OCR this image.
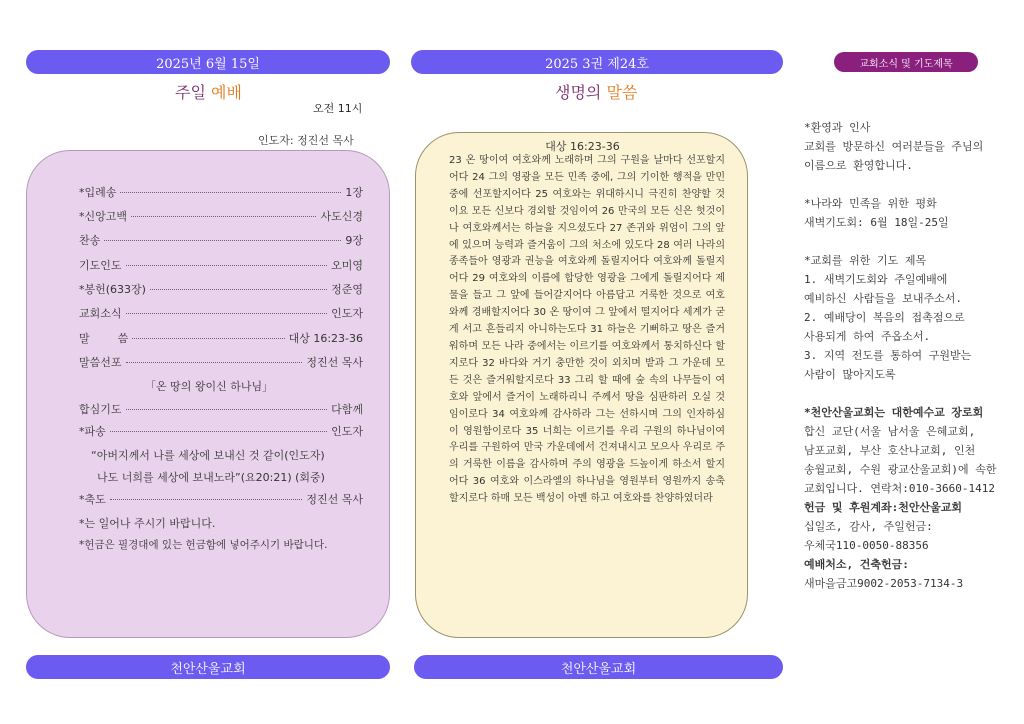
2025년 6월 15일	2025 3권 제24호
주일 예배
오전 11시
인도자: 정진선 목사
*입례송	1장
*신앙고백	사도신경
찬송	9장
기도인도	오미영
*봉헌(633장)	정준영
교회소식	인도자
말        씀	대상 16:23-36
말씀선포	정진선 목사
「온 땅의 왕이신 하나님」
합심기도	다함께
*파송	인도자
“아버지께서 나를 세상에 보내신 것 같이(인도자)
나도 너희를 세상에 보내노라”(요20:21) (회중)
*축도	정진선 목사
*는 일어나 주시기 바랍니다.
*헌금은 필경대에 있는 헌금함에 넣어주시기 바랍니다.
천안산울교회
생명의 말씀
대상 16:23-36
23 온 땅이여 여호와께 노래하며 그의 구원을 날마다 선포할지어다 24 그의 영광을 모든 민족 중에, 그의 기이한 행적을 만민 중에 선포할지어다 25 여호와는 위대하시니 극진히 찬양할 것이요 모든 신보다 경외할 것임이여 26 만국의 모든 신은 헛것이나 여호와께서는 하늘을 지으셨도다 27 존귀와 위엄이 그의 앞에 있으며 능력과 즐거움이 그의 처소에 있도다 28 여러 나라의 종족들아 영광과 권능을 여호와께 돌릴지어다 여호와께 돌릴지어다 29 여호와의 이름에 합당한 영광을 그에게 돌릴지어다 제물을 들고 그 앞에 들어갈지어다 아름답고 거룩한 것으로 여호와께 경배할지어다 30 온 땅이여 그 앞에서 떨지어다 세계가 굳게 서고 흔들리지 아니하는도다 31 하늘은 기뻐하고 땅은 즐거워하며 모든 나라 중에서는 이르기를 여호와께서 통치하신다 할지로다 32 바다와 거기 충만한 것이 외치며 밭과 그 가운데 모든 것은 즐거워할지로다 33 그리 할 때에 숲 속의 나무들이 여호와 앞에서 즐거이 노래하리니 주께서 땅을 심판하러 오실 것임이로다 34 여호와께 감사하라 그는 선하시며 그의 인자하심이 영원함이로다 35 너희는 이르기를 우리 구원의 하나님이여 우리를 구원하여 만국 가운데에서 건져내시고 모으사 우리로 주의 거룩한 이름을 감사하며 주의 영광을 드높이게 하소서 할지어다 36 여호와 이스라엘의 하나님을 영원부터 영원까지 송축할지로다 하매 모든 백성이 아멘 하고 여호와를 찬양하였더라
천안산울교회
교회소식 및 기도제목
*환영과 인사
교회를 방문하신 여러분들을 주님의
이름으로 환영합니다.
*나라와 민족을 위한 평화
새벽기도회: 6월 18일-25일
*교회를 위한 기도 제목
1. 새벽기도회와 주일예배에
예비하신 사람들을 보내주소서.
2. 예배당이 복음의 접촉점으로
사용되게 하여 주옵소서.
3. 지역 전도를 통하여 구원받는
사람이 많아지도록
*천안산울교회는 대한예수교 장로회
합신 교단(서울 남서울 은혜교회,
남포교회, 부산 호산나교회, 인천
송월교회, 수원 광교산울교회)에 속한
교회입니다. 연락처:010-3660-1412
헌금 및 후원계좌:천안산울교회
십일조, 감사, 주일헌금:
우체국110-0050-88356
예배처소, 건축헌금:
새마을금고9002-2053-7134-3
